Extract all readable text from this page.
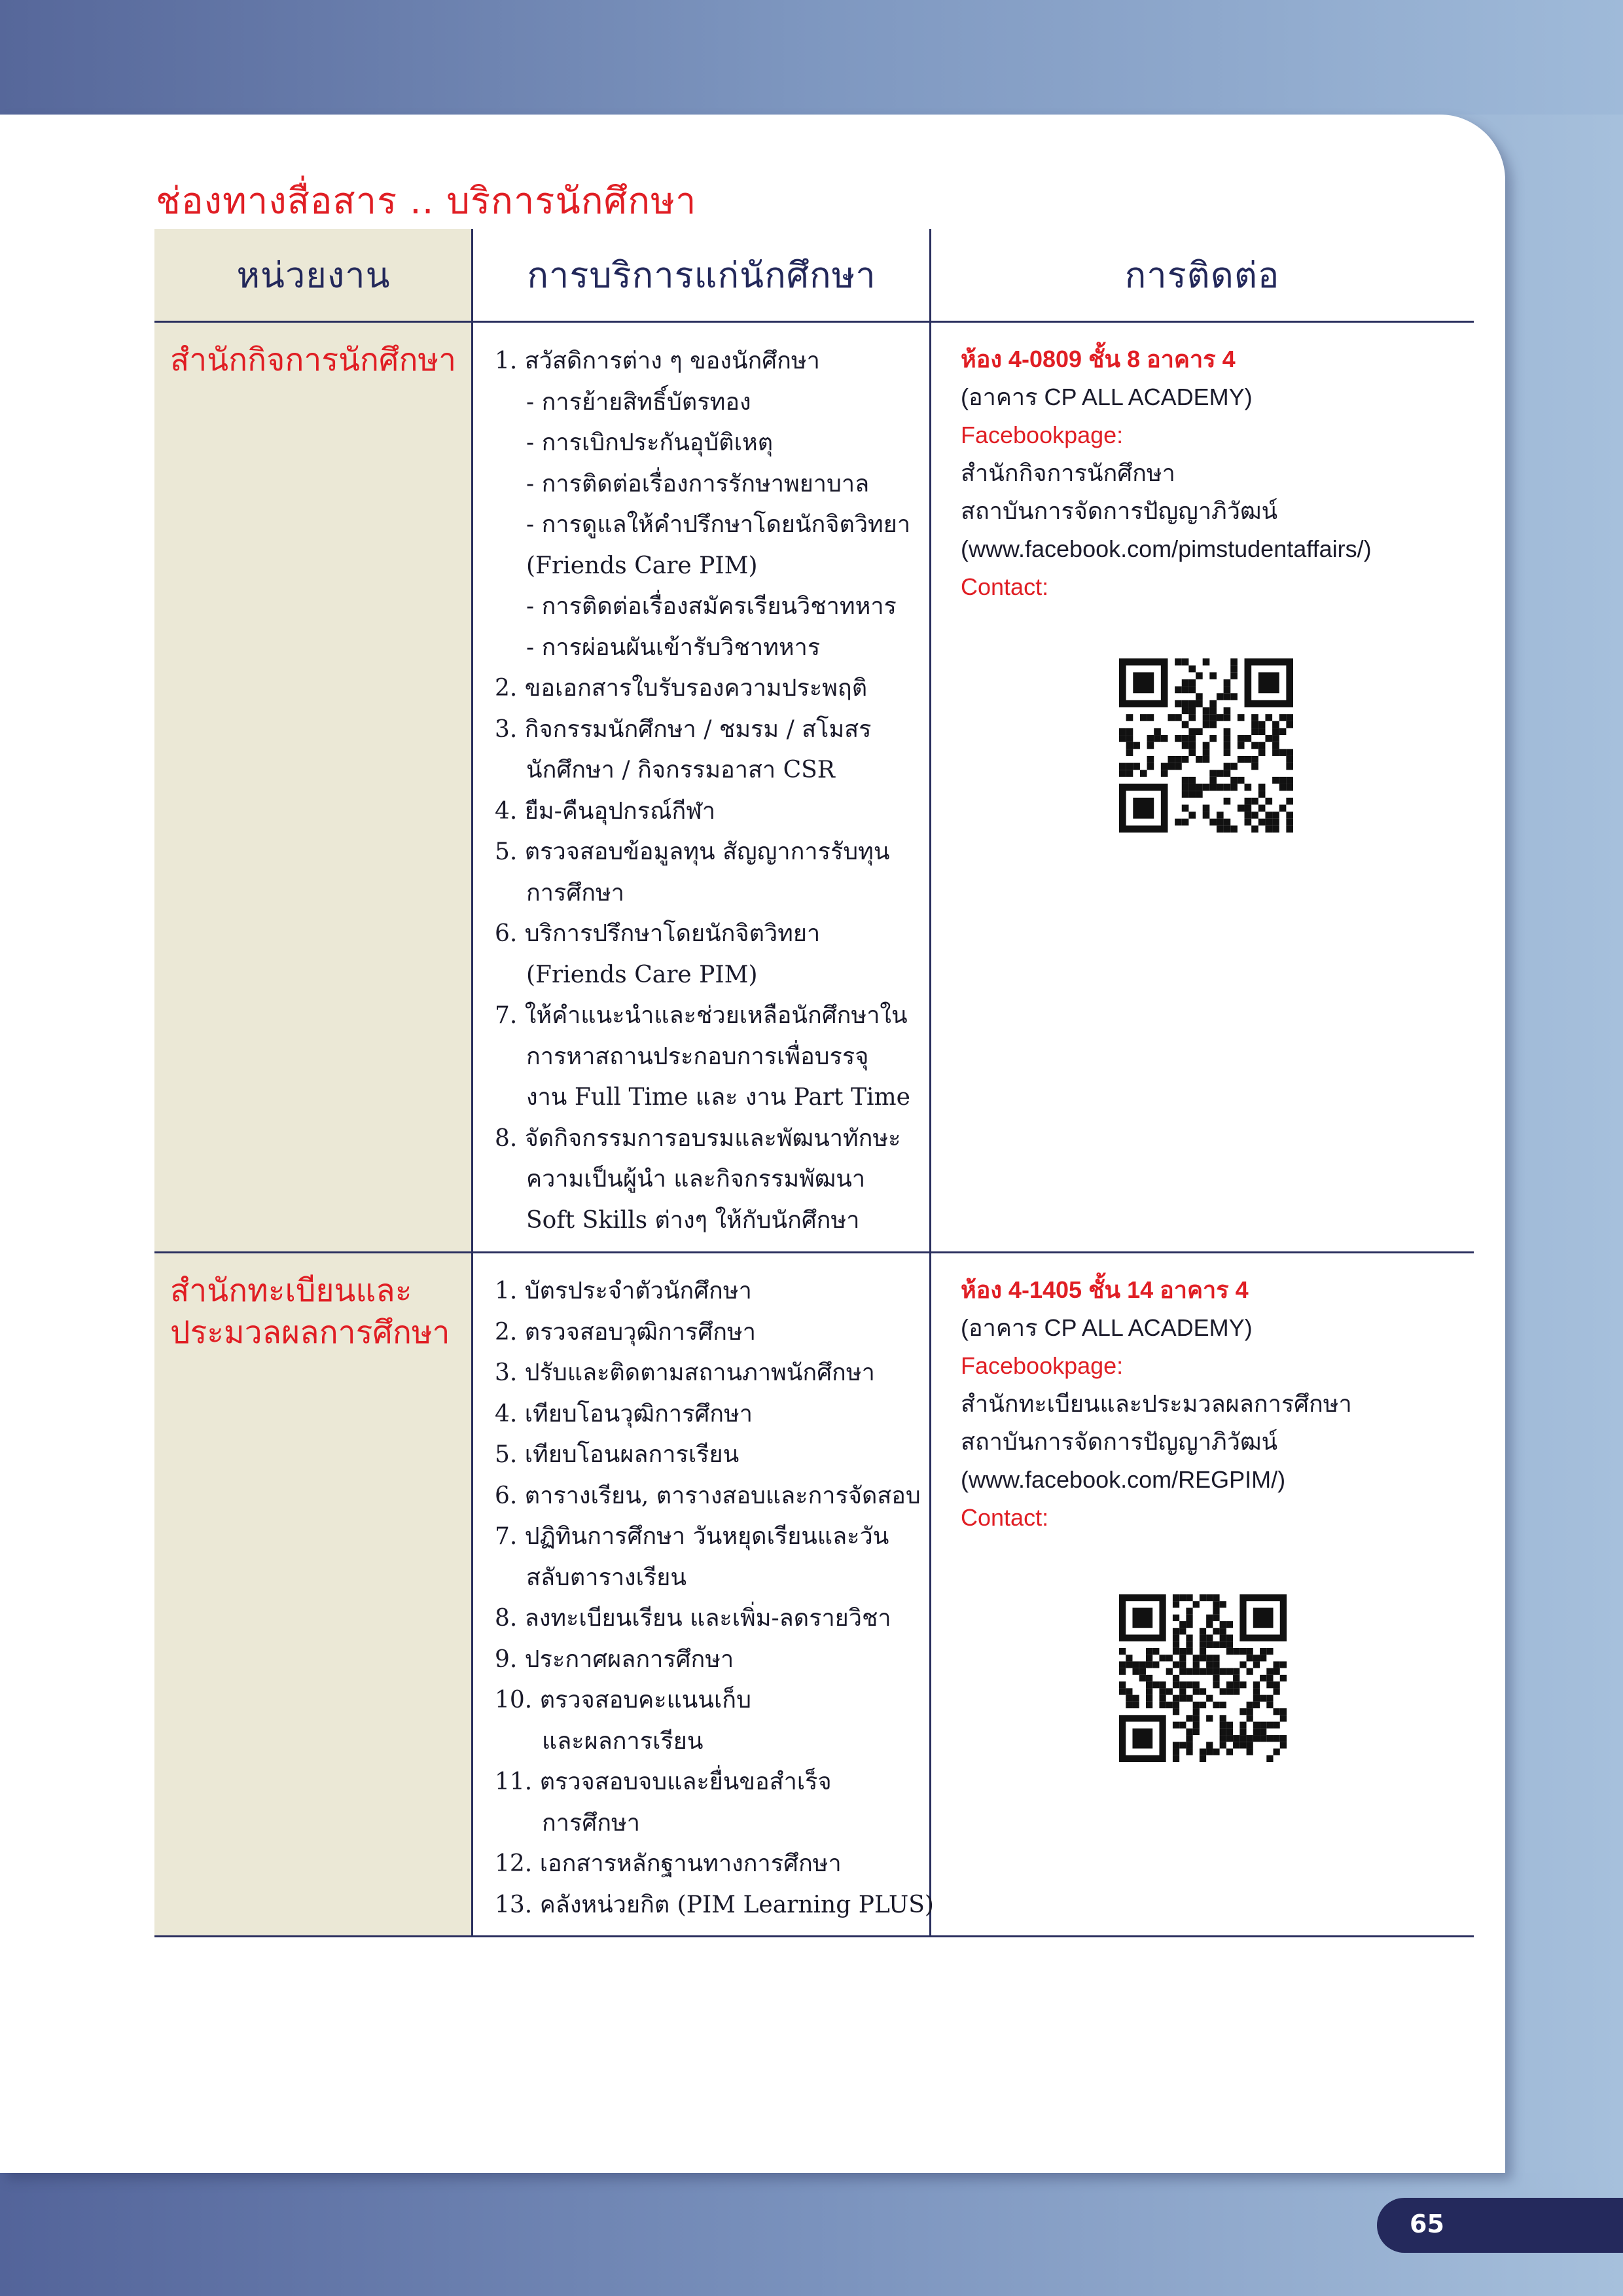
ช่องทางสื่อสาร .. บริการนักศึกษา
หน่วยงาน	การบริการแก่นักศึกษา	การติดต่อ
สำนักกิจการนักศึกษา 1. สวัสดิการต่าง ๆ ของนักศึกษา
- การย้ายสิทธิ์บัตรทอง
- การเบิกประกันอุบัติเหตุ
- การติดต่อเรื่องการรักษาพยาบาล
- การดูแลให้คำปรึกษาโดยนักจิตวิทยา
(Friends Care PIM)
- การติดต่อเรื่องสมัครเรียนวิชาทหาร
- การผ่อนผันเข้ารับวิชาทหาร
2. ขอเอกสารใบรับรองความประพฤติ
3. กิจกรรมนักศึกษา / ชมรม / สโมสร
นักศึกษา / กิจกรรมอาสา CSR
4. ยืม-คืนอุปกรณ์กีฬา
5. ตรวจสอบข้อมูลทุน สัญญาการรับทุน
การศึกษา
6. บริการปรึกษาโดยนักจิตวิทยา
(Friends Care PIM)
7. ให้คำแนะนำและช่วยเหลือนักศึกษาใน
การหาสถานประกอบการเพื่อบรรจุ
งาน Full Time และ งาน Part Time
8. จัดกิจกรรมการอบรมและพัฒนาทักษะ
ความเป็นผู้นำ และกิจกรรมพัฒนา
Soft Skills ต่างๆ ให้กับนักศึกษา
ห้อง 4-0809 ชั้น 8 อาคาร 4
(อาคาร CP ALL ACADEMY)
Facebookpage:
สำนักกิจการนักศึกษา
สถาบันการจัดการปัญญาภิวัฒน์
(www.facebook.com/pimstudentaffairs/)
Contact:
สำนักทะเบียนและ
ประมวลผลการศึกษา
1. บัตรประจำตัวนักศึกษา
2. ตรวจสอบวุฒิการศึกษา
3. ปรับและติดตามสถานภาพนักศึกษา
4. เทียบโอนวุฒิการศึกษา
5. เทียบโอนผลการเรียน
6. ตารางเรียน, ตารางสอบและการจัดสอบ
7. ปฏิทินการศึกษา วันหยุดเรียนและวัน
สลับตารางเรียน
8. ลงทะเบียนเรียน และเพิ่ม-ลดรายวิชา
9. ประกาศผลการศึกษา
10. ตรวจสอบคะแนนเก็บ
และผลการเรียน
11. ตรวจสอบจบและยื่นขอสำเร็จ
การศึกษา
12. เอกสารหลักฐานทางการศึกษา
13. คลังหน่วยกิต (PIM Learning PLUS)
ห้อง 4-1405 ชั้น 14 อาคาร 4
(อาคาร CP ALL ACADEMY)
Facebookpage:
สำนักทะเบียนและประมวลผลการศึกษา
สถาบันการจัดการปัญญาภิวัฒน์
(www.facebook.com/REGPIM/)
Contact:
65
